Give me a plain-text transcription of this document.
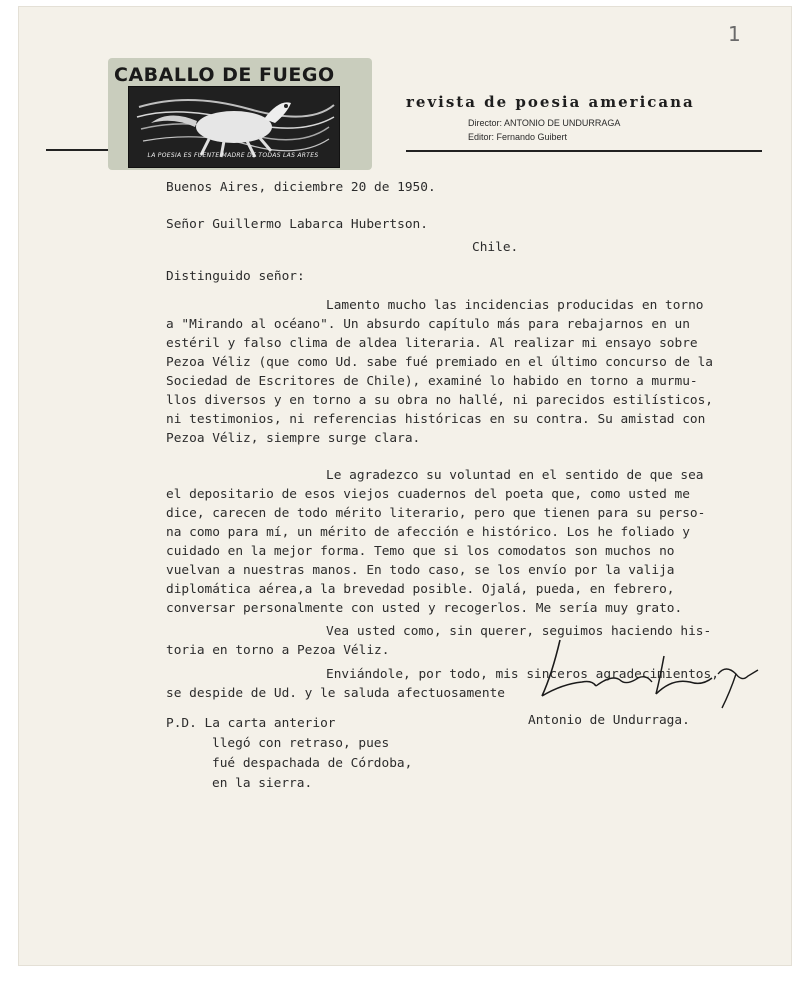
1
CABALLO DE FUEGO
LA POESIA ES FUENTE MADRE DE TODAS LAS ARTES
revista de poesia americana
Director: ANTONIO DE UNDURRAGA
Editor: Fernando Guibert
Buenos Aires, diciembre 20 de 1950.
Señor Guillermo Labarca Hubertson.
Chile.
Distinguido señor:
Lamento mucho las incidencias producidas en torno
a "Mirando al océano". Un absurdo capítulo más para rebajarnos en un
estéril y falso clima de aldea literaria. Al realizar mi ensayo sobre
Pezoa Véliz (que como Ud. sabe fué premiado en el último concurso de la
Sociedad de Escritores de Chile), examiné lo habido en torno a murmu-
llos diversos y en torno a su obra no hallé, ni parecidos estilísticos,
ni testimonios, ni referencias históricas en su contra. Su amistad con
Pezoa Véliz, siempre surge clara.
Le agradezco su voluntad en el sentido de que sea
el depositario de esos viejos cuadernos del poeta que, como usted me
dice, carecen de todo mérito literario, pero que tienen para su perso-
na como para mí, un mérito de afección e histórico. Los he foliado y
cuidado en la mejor forma. Temo que si los comodatos son muchos no
vuelvan a nuestras manos. En todo caso, se los envío por la valija
diplomática aérea,a la brevedad posible. Ojalá, pueda, en febrero,
conversar personalmente con usted y recogerlos. Me sería muy grato.
Vea usted como, sin querer, seguimos haciendo his-
toria en torno a Pezoa Véliz.
Enviándole, por todo, mis sinceros agradecimientos,
se despide de Ud. y le saluda afectuosamente
Antonio de Undurraga.
P.D. La carta anterior
llegó con retraso, pues
fué despachada de Córdoba,
en la sierra.
